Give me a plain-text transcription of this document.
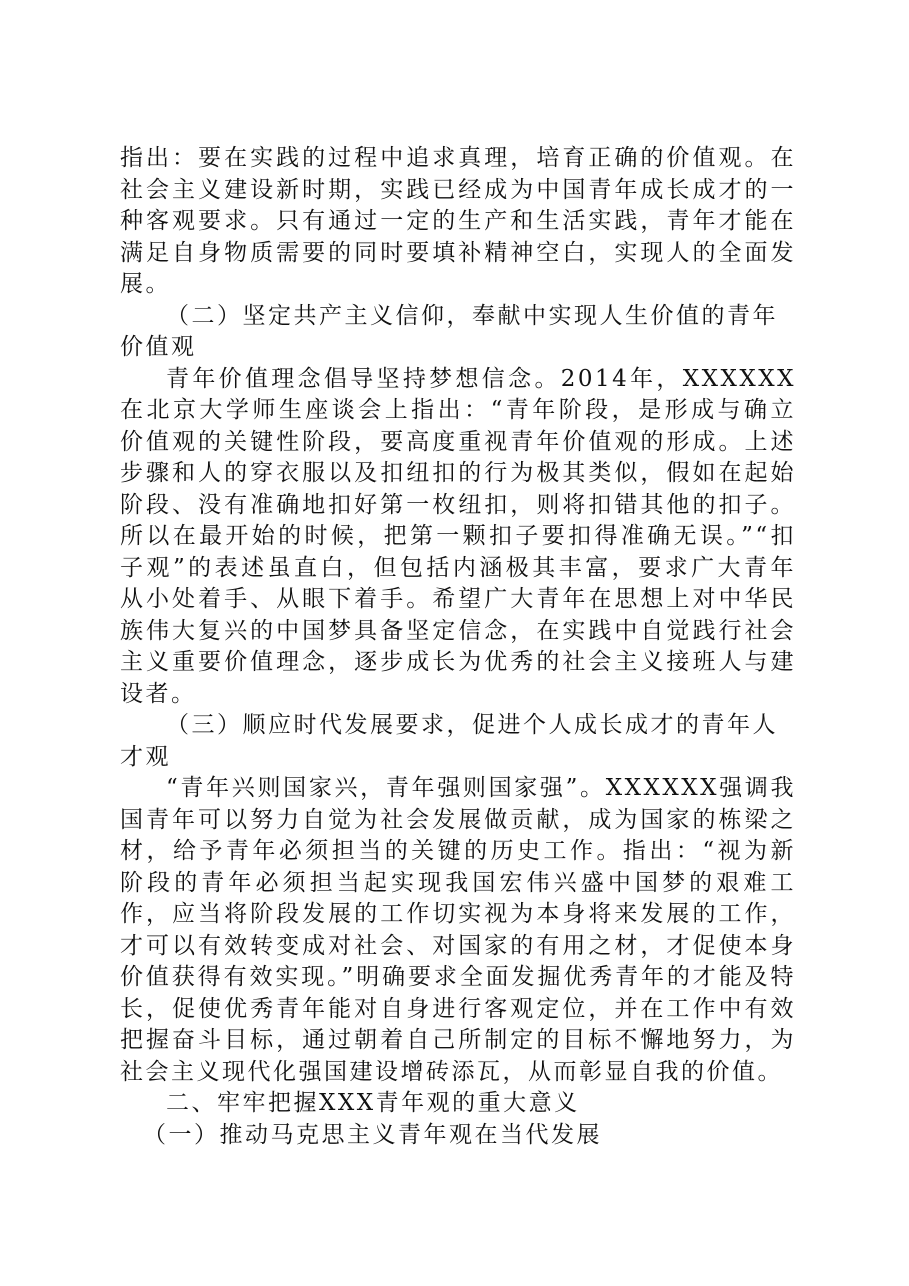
指出：要在实践的过程中追求真理，培育正确的价值观。在社会主义建设新时期，实践已经成为中国青年成长成才的一种客观要求。只有通过一定的生产和生活实践，青年才能在满足自身物质需要的同时要填补精神空白，实现人的全面发展。

（二）坚定共产主义信仰，奉献中实现人生价值的青年价值观

青年价值理念倡导坚持梦想信念。2014年，XXXXXX在北京大学师生座谈会上指出：“青年阶段，是形成与确立价值观的关键性阶段，要高度重视青年价值观的形成。上述步骤和人的穿衣服以及扣纽扣的行为极其类似，假如在起始阶段、没有准确地扣好第一枚纽扣，则将扣错其他的扣子。所以在最开始的时候，把第一颗扣子要扣得准确无误。”“扣子观”的表述虽直白，但包括内涵极其丰富，要求广大青年从小处着手、从眼下着手。希望广大青年在思想上对中华民族伟大复兴的中国梦具备坚定信念，在实践中自觉践行社会主义重要价值理念，逐步成长为优秀的社会主义接班人与建设者。

（三）顺应时代发展要求，促进个人成长成才的青年人才观

“青年兴则国家兴，青年强则国家强”。XXXXXX强调我国青年可以努力自觉为社会发展做贡献，成为国家的栋梁之材，给予青年必须担当的关键的历史工作。指出：“视为新阶段的青年必须担当起实现我国宏伟兴盛中国梦的艰难工作，应当将阶段发展的工作切实视为本身将来发展的工作，才可以有效转变成对社会、对国家的有用之材，才促使本身价值获得有效实现。”明确要求全面发掘优秀青年的才能及特长，促使优秀青年能对自身进行客观定位，并在工作中有效把握奋斗目标，通过朝着自己所制定的目标不懈地努力，为社会主义现代化强国建设增砖添瓦，从而彰显自我的价值。

二、牢牢把握XXX青年观的重大意义

（一）推动马克思主义青年观在当代发展
